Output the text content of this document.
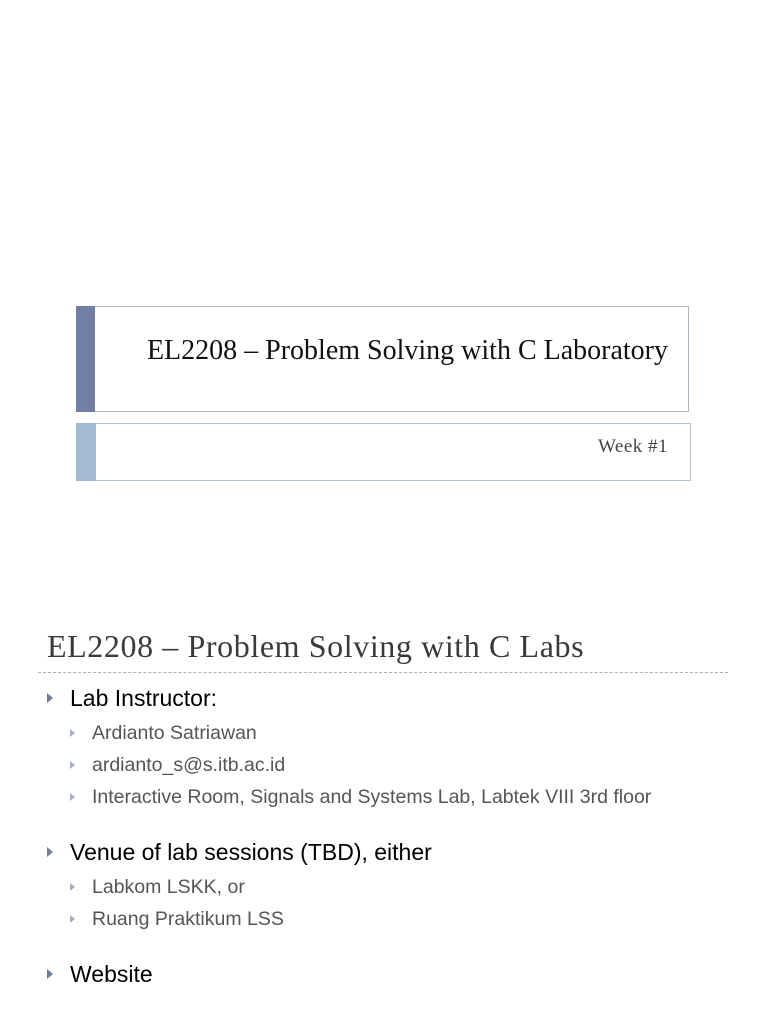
EL2208 – Problem Solving with C Laboratory
Week #1
EL2208 – Problem Solving with C Labs
Lab Instructor:
Ardianto Satriawan
ardianto_s@s.itb.ac.id
Interactive Room, Signals and Systems Lab, Labtek VIII 3rd floor
Venue of lab sessions (TBD), either
Labkom LSKK, or
Ruang Praktikum LSS
Website
